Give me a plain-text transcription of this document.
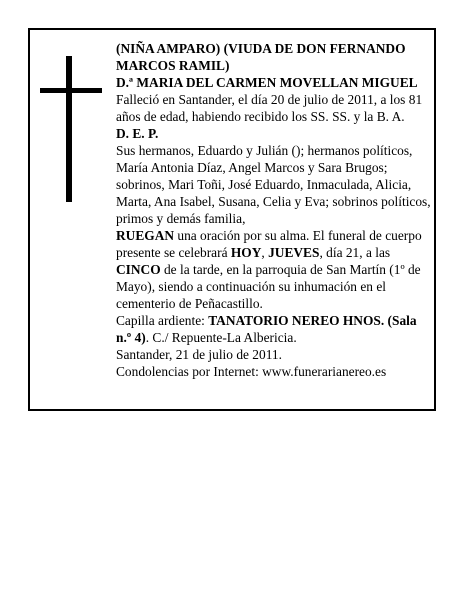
(NIÑA AMPARO) (VIUDA DE DON FERNANDO MARCOS RAMIL)

D.ª MARIA DEL CARMEN MOVELLAN MIGUEL

Falleció en Santander, el día 20 de julio de 2011, a los 81 años de edad, habiendo recibido los SS. SS. y la B. A.

D. E. P.

Sus hermanos, Eduardo y Julián (); hermanos políticos, María Antonia Díaz, Angel Marcos y Sara Brugos; sobrinos, Mari Toñi, José Eduardo, Inmaculada, Alicia, Marta, Ana Isabel, Susana, Celia y Eva; sobrinos políticos, primos y demás familia,

RUEGAN una oración por su alma. El funeral de cuerpo presente se celebrará HOY, JUEVES, día 21, a las CINCO de la tarde, en la parroquia de San Martín (1º de Mayo), siendo a continuación su inhumación en el cementerio de Peñacastillo.

Capilla ardiente: TANATORIO NEREO HNOS. (Sala n.º 4). C./ Repuente-La Albericia.

Santander, 21 de julio de 2011.

Condolencias por Internet: www.funerarianereo.es
